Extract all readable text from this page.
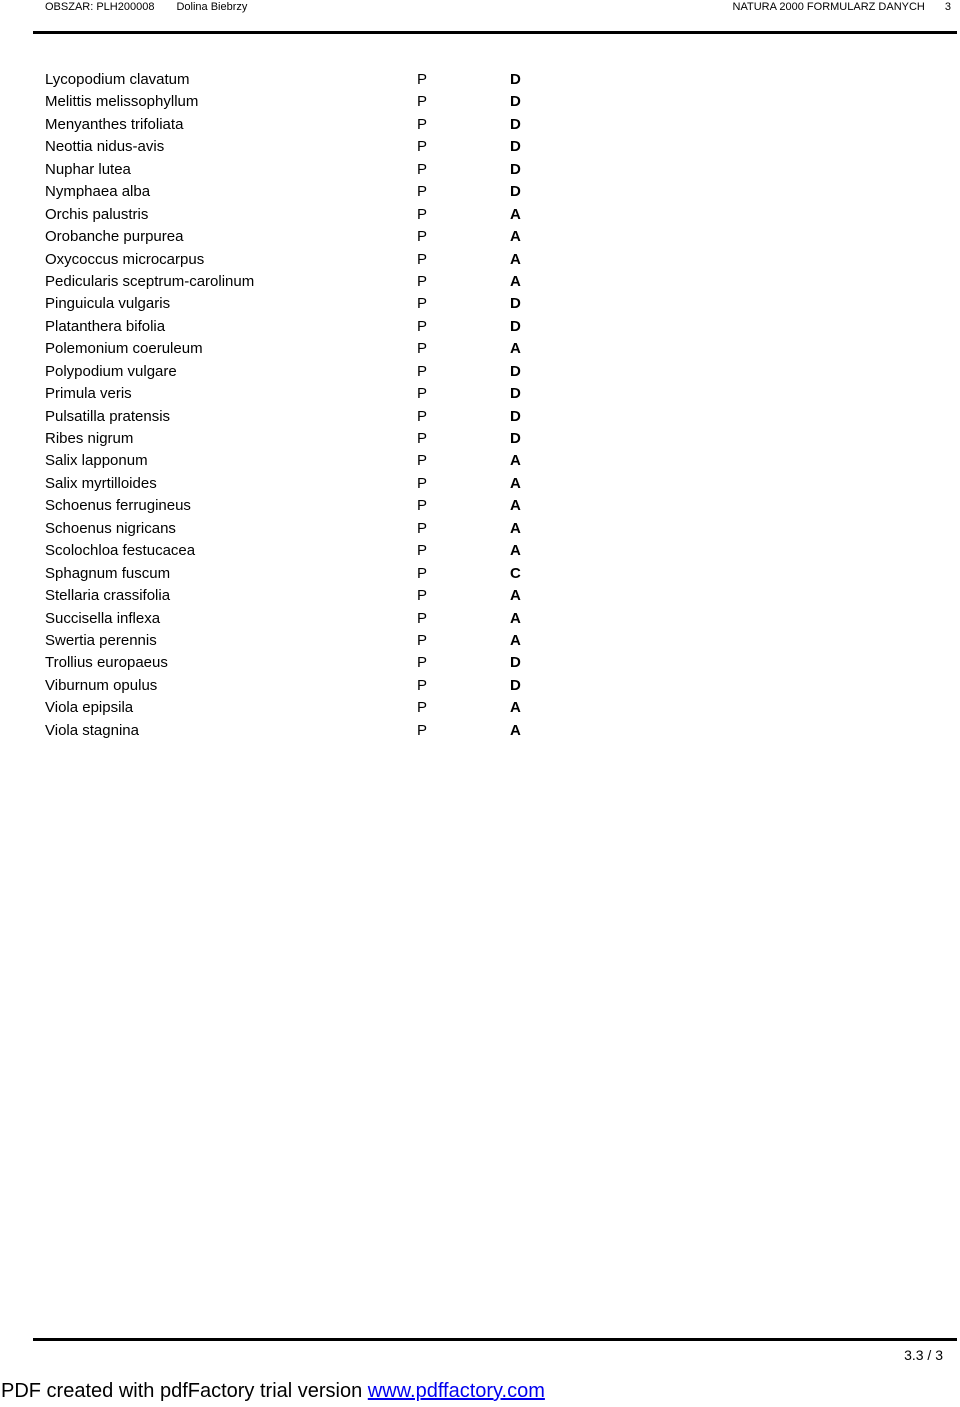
OBSZAR: PLH200008 Dolina Biebrzy	NATURA 2000 FORMULARZ DANYCH 3
Lycopodium clavatum	P	D
Melittis melissophyllum	P	D
Menyanthes trifoliata	P	D
Neottia nidus-avis	P	D
Nuphar lutea	P	D
Nymphaea alba	P	D
Orchis palustris	P	A
Orobanche purpurea	P	A
Oxycoccus microcarpus	P	A
Pedicularis sceptrum-carolinum	P	A
Pinguicula vulgaris	P	D
Platanthera bifolia	P	D
Polemonium coeruleum	P	A
Polypodium vulgare	P	D
Primula veris	P	D
Pulsatilla pratensis	P	D
Ribes nigrum	P	D
Salix lapponum	P	A
Salix myrtilloides	P	A
Schoenus ferrugineus	P	A
Schoenus nigricans	P	A
Scolochloa festucacea	P	A
Sphagnum fuscum	P	C
Stellaria crassifolia	P	A
Succisella inflexa	P	A
Swertia perennis	P	A
Trollius europaeus	P	D
Viburnum opulus	P	D
Viola epipsila	P	A
Viola stagnina	P	A
3.3 / 3
PDF created with pdfFactory trial version www.pdffactory.com
